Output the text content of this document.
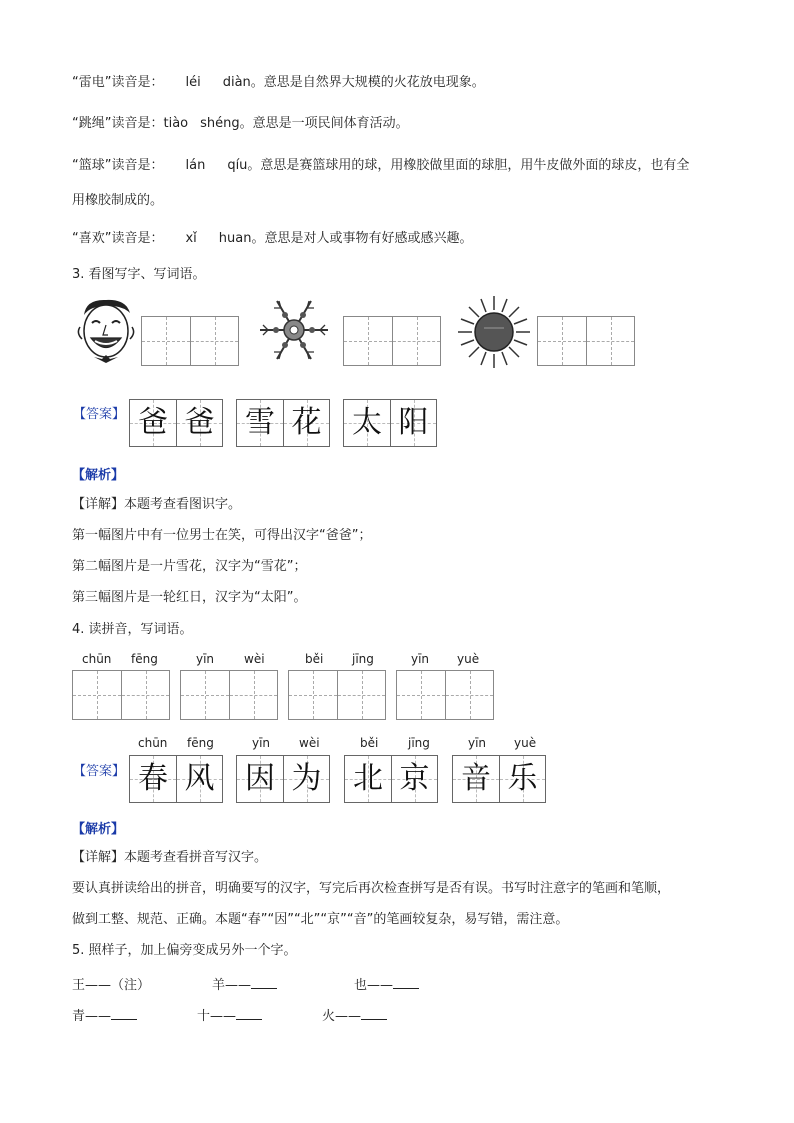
“雷电”读音是： léi diàn。意思是自然界大规模的火花放电现象。
“跳绳”读音是：tiào shéng。意思是一项民间体育活动。
“篮球”读音是： lán qíu。意思是赛篮球用的球，用橡胶做里面的球胆，用牛皮做外面的球皮，也有全
用橡胶制成的。
“喜欢”读音是： xǐ huan。意思是对人或事物有好感或感兴趣。
3. 看图写字、写词语。
【答案】 爸 爸 雪 花 太 阳
【解析】
【详解】本题考查看图识字。
第一幅图片中有一位男士在笑，可得出汉字“爸爸”；
第二幅图片是一片雪花，汉字为“雪花”；
第三幅图片是一轮红日，汉字为“太阳”。
4. 读拼音，写词语。
chūn fēng	yīn wèi	běi jīng	yīn yuè
chūn fēng	yīn wèi	běi jīng	yīn yuè
【答案】 春 风 因 为 北 京 音 乐
【解析】
【详解】本题考查看拼音写汉字。
要认真拼读给出的拼音，明确要写的汉字，写完后再次检查拼写是否有误。书写时注意字的笔画和笔顺，
做到工整、规范、正确。本题“春”“因”“北”“京”“音”的笔画较复杂，易写错，需注意。
5. 照样子，加上偏旁变成另外一个字。
王——（注）	羊——	也——
青——	十——	火——
